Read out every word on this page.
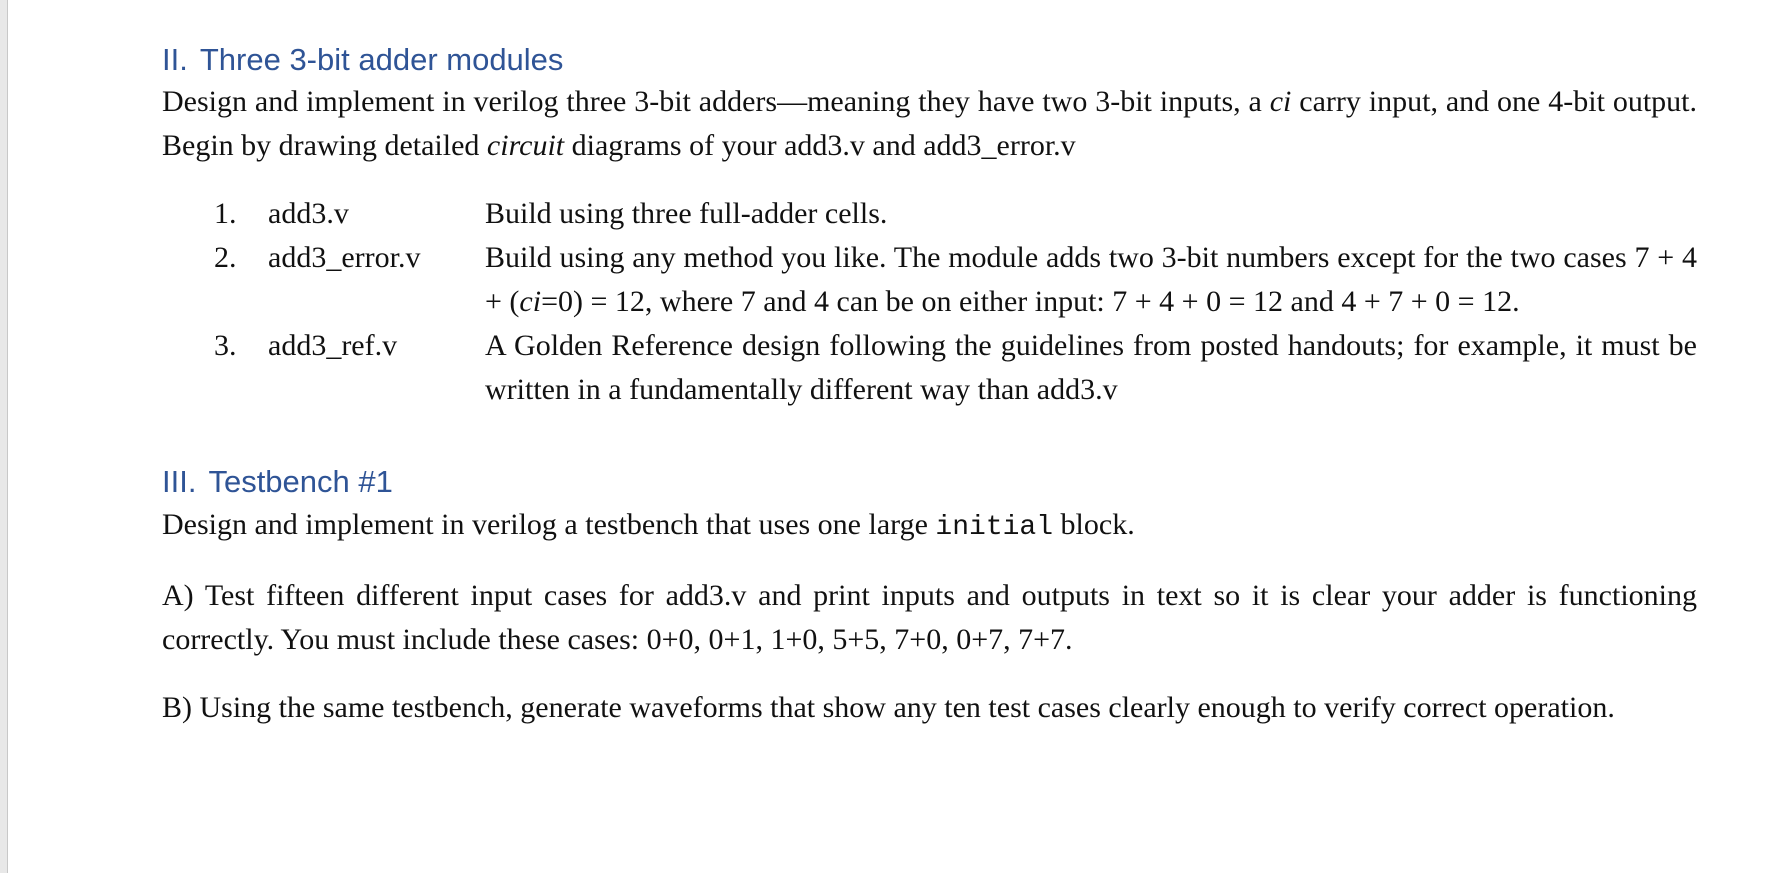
II. Three 3-bit adder modules

Design and implement in verilog three 3-bit adders—meaning they have two 3-bit inputs, a ci carry input, and one 4-bit output. Begin by drawing detailed circuit diagrams of your add3.v and add3_error.v

1.	add3.v	Build using three full-adder cells.
2.	add3_error.v	Build using any method you like. The module adds two 3-bit numbers except for the two cases 7 + 4 + (ci=0) = 12, where 7 and 4 can be on either input: 7 + 4 + 0 = 12 and 4 + 7 + 0 = 12.
3.	add3_ref.v	A Golden Reference design following the guidelines from posted handouts; for example, it must be written in a fundamentally different way than add3.v
III. Testbench #1

Design and implement in verilog a testbench that uses one large initial block.

A) Test fifteen different input cases for add3.v and print inputs and outputs in text so it is clear your adder is functioning correctly. You must include these cases: 0+0, 0+1, 1+0, 5+5, 7+0, 0+7, 7+7.

B) Using the same testbench, generate waveforms that show any ten test cases clearly enough to verify correct operation.
